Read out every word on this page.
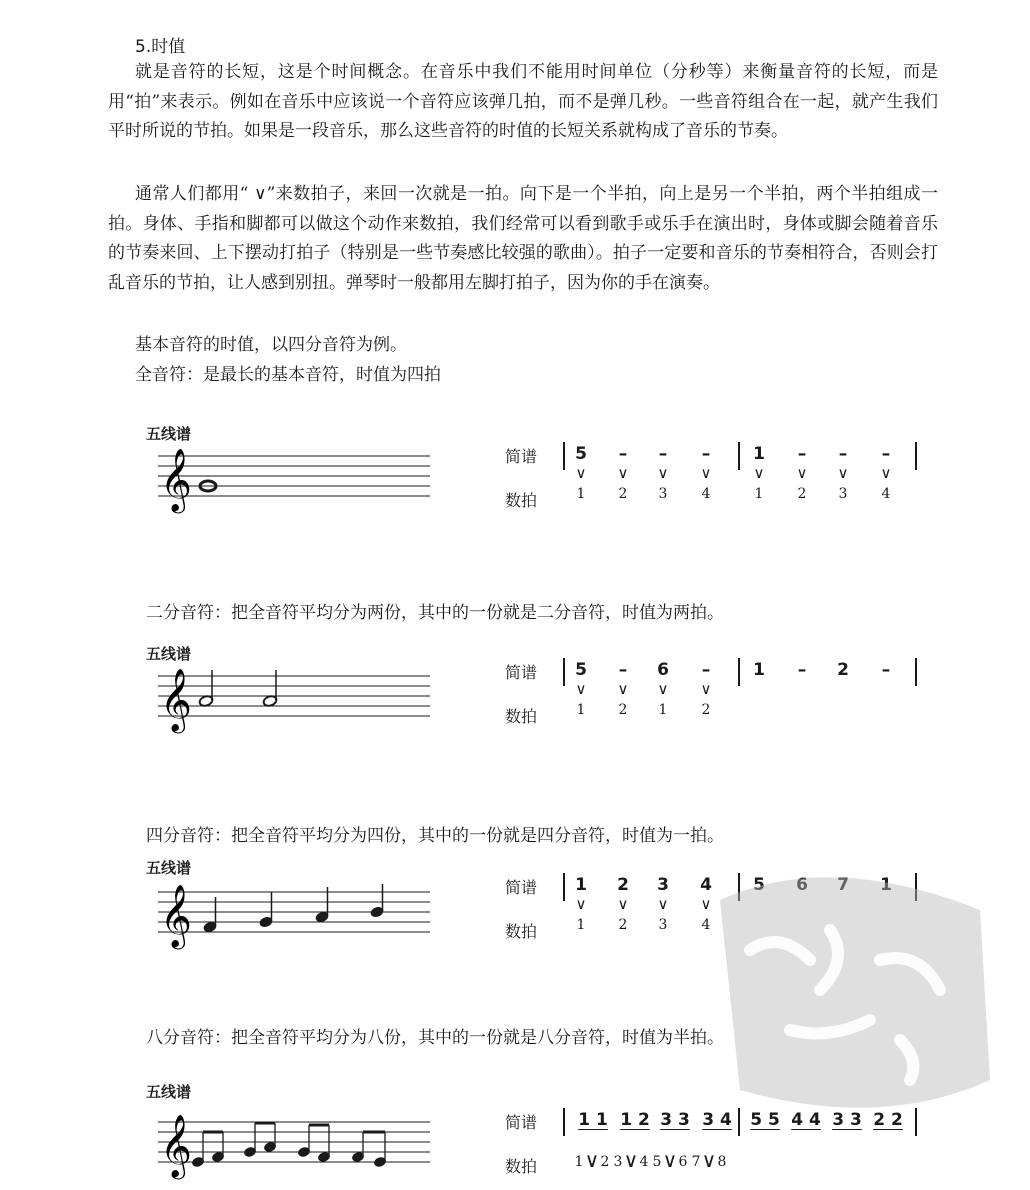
5.时值

就是音符的长短，这是个时间概念。在音乐中我们不能用时间单位（分秒等）来衡量音符的长短，而是用“拍”来表示。例如在音乐中应该说一个音符应该弹几拍，而不是弹几秒。一些音符组合在一起，就产生我们平时所说的节拍。如果是一段音乐，那么这些音符的时值的长短关系就构成了音乐的节奏。

通常人们都用“ ∨”来数拍子，来回一次就是一拍。向下是一个半拍，向上是另一个半拍，两个半拍组成一拍。身体、手指和脚都可以做这个动作来数拍，我们经常可以看到歌手或乐手在演出时，身体或脚会随着音乐的节奏来回、上下摆动打拍子（特别是一些节奏感比较强的歌曲）。拍子一定要和音乐的节奏相符合，否则会打乱音乐的节拍，让人感到别扭。弹琴时一般都用左脚打拍子，因为你的手在演奏。

基本音符的时值，以四分音符为例。
全音符：是最长的基本音符，时值为四拍
五线谱
𝄞	简谱
数拍
5	–	–	–	1	–	–	–
∨	∨	∨	∨	∨	∨	∨	∨
1	2	3	4	1	2	3	4
二分音符：把全音符平均分为两份，其中的一份就是二分音符，时值为两拍。
五线谱
𝄞	简谱
数拍
5	–	6	–	1	–	2	–
∨	∨	∨	∨
1	2	1	2
四分音符：把全音符平均分为四份，其中的一份就是四分音符，时值为一拍。
五线谱
𝄞	简谱
数拍
1	2	3	4	5	6	7	1
∨	∨	∨	∨
1	2	3	4
八分音符：把全音符平均分为八份，其中的一份就是八分音符，时值为半拍。
五线谱
𝄞	简谱
数拍
1 1 1 2 3 3 3 4 5 5 4 4 3 3 2 2
1 ∨ 2 3 ∨ 4 5 ∨ 6 7 ∨ 8
